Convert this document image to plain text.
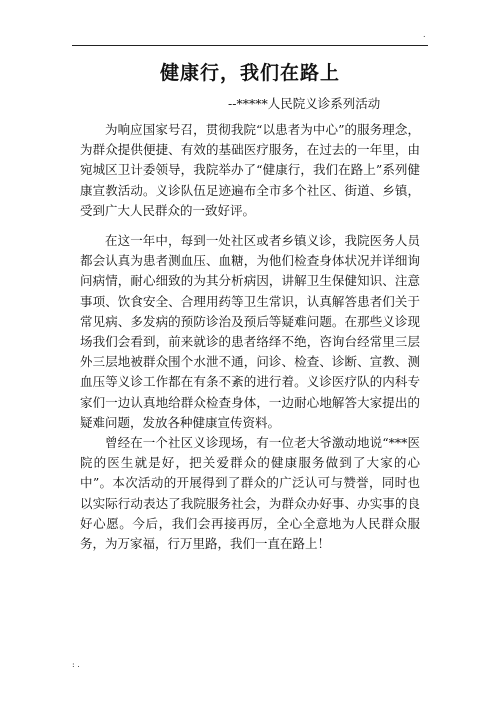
.
健康行，我们在路上
--*****人民院义诊系列活动

为响应国家号召，贯彻我院“以患者为中心”的服务理念，为群众提供便捷、有效的基础医疗服务，在过去的一年里，由宛城区卫计委领导，我院举办了“健康行，我们在路上”系列健康宣教活动。义诊队伍足迹遍布全市多个社区、街道、乡镇，受到广大人民群众的一致好评。

在这一年中，每到一处社区或者乡镇义诊，我院医务人员都会认真为患者测血压、血糖，为他们检查身体状况并详细询问病情，耐心细致的为其分析病因，讲解卫生保健知识、注意事项、饮食安全、合理用药等卫生常识，认真解答患者们关于常见病、多发病的预防诊治及预后等疑难问题。在那些义诊现场我们会看到，前来就诊的患者络绎不绝，咨询台经常里三层外三层地被群众围个水泄不通，问诊、检查、诊断、宣教、测血压等义诊工作都在有条不紊的进行着。义诊医疗队的内科专家们一边认真地给群众检查身体，一边耐心地解答大家提出的疑难问题，发放各种健康宣传资料。

曾经在一个社区义诊现场，有一位老大爷激动地说“***医院的医生就是好，把关爱群众的健康服务做到了大家的心中”。本次活动的开展得到了群众的广泛认可与赞誉，同时也以实际行动表达了我院服务社会，为群众办好事、办实事的良好心愿。今后，我们会再接再厉，全心全意地为人民群众服务，为万家福，行万里路，我们一直在路上！

: .
